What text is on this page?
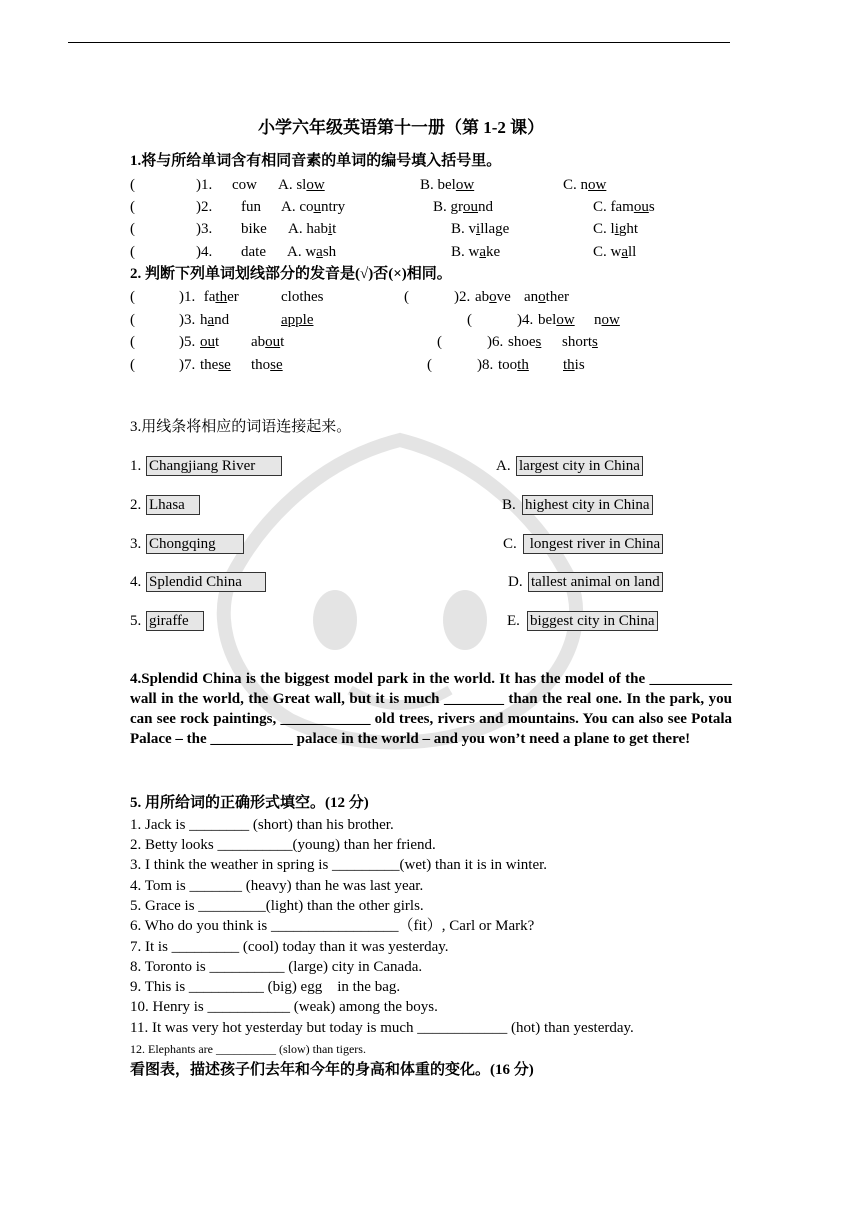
小学六年级英语第十一册（第 1-2 课）
1.将与所给单词含有相同音素的单词的编号填入括号里。
(	)1. cow A. slow	B. below	C. now
(	)2. fun A. country	B. ground	C. famous
(	)3. bike A. habit	B. village	C. light
(	)4. date A. wash	B. wake	C. wall
2. 判断下列单词划线部分的发音是(√)否(×)相同。
(	)1. father	clothes	(	)2. above another
(	)3. hand	apple	(	)4. below now
(	)5. out about	(	)6. shoes shorts
(	)7. these those	(	)8. tooth this
3.用线条将相应的词语连接起来。
1. Changjiang River
2. Lhasa
3. Chongqing
4. Splendid China
5. giraffe
A. largest city in China
B. highest city in China
C. longest river in China
D. tallest animal on land
E. biggest city in China
4.Splendid China is the biggest model park in the world. It has the model of the ___________ wall in the world, the Great wall, but it is much ________ than the real one. In the park, you can see rock paintings, ____________ old trees, rivers and mountains. You can also see Potala Palace – the ___________ palace in the world – and you won’t need a plane to get there!
5. 用所给词的正确形式填空。(12 分)
1. Jack is ________ (short) than his brother.
2. Betty looks __________(young) than her friend.
3. I think the weather in spring is _________(wet) than it is in winter.
4. Tom is _______ (heavy) than he was last year.
5. Grace is _________(light) than the other girls.
6. Who do you think is _________________（fit）, Carl or Mark?
7. It is _________ (cool) today than it was yesterday.
8. Toronto is __________ (large) city in Canada.
9. This is __________ (big) egg    in the bag.
10. Henry is ___________ (weak) among the boys.
11. It was very hot yesterday but today is much ____________ (hot) than yesterday.
12. Elephants are __________ (slow) than tigers.
看图表，描述孩子们去年和今年的身高和体重的变化。(16 分)
